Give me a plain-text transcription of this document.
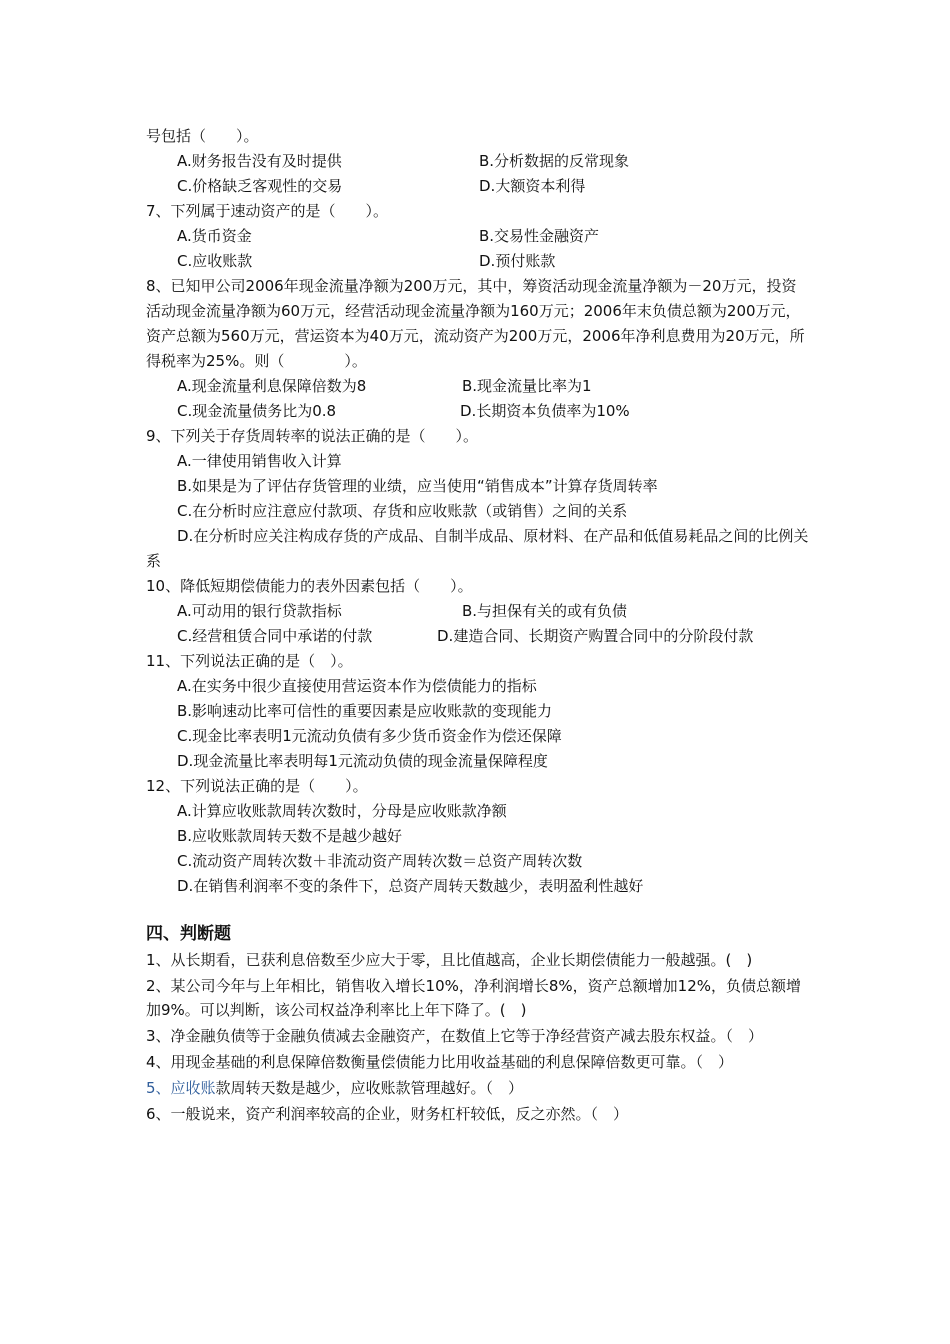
号包括（　　）。
A.财务报告没有及时提供	B.分析数据的反常现象
C.价格缺乏客观性的交易	D.大额资本利得
7、下列属于速动资产的是（　　）。
A.货币资金	B.交易性金融资产
C.应收账款	D.预付账款
8、已知甲公司2006年现金流量净额为200万元，其中，筹资活动现金流量净额为－20万元，投资活动现金流量净额为60万元，经营活动现金流量净额为160万元；2006年末负债总额为200万元，资产总额为560万元，营运资本为40万元，流动资产为200万元，2006年净利息费用为20万元，所得税率为25%。则（　　　　）。
A.现金流量利息保障倍数为8	B.现金流量比率为1
C.现金流量债务比为0.8	D.长期资本负债率为10%
9、下列关于存货周转率的说法正确的是（　　）。
A.一律使用销售收入计算
B.如果是为了评估存货管理的业绩，应当使用“销售成本”计算存货周转率
C.在分析时应注意应付款项、存货和应收账款（或销售）之间的关系
D.在分析时应关注构成存货的产成品、自制半成品、原材料、在产品和低值易耗品之间的比例关系
10、降低短期偿债能力的表外因素包括（　　）。
A.可动用的银行贷款指标	B.与担保有关的或有负债
C.经营租赁合同中承诺的付款	D.建造合同、长期资产购置合同中的分阶段付款
11、下列说法正确的是（　）。
A.在实务中很少直接使用营运资本作为偿债能力的指标
B.影响速动比率可信性的重要因素是应收账款的变现能力
C.现金比率表明1元流动负债有多少货币资金作为偿还保障
D.现金流量比率表明每1元流动负债的现金流量保障程度
12、下列说法正确的是（　　）。
A.计算应收账款周转次数时，分母是应收账款净额
B.应收账款周转天数不是越少越好
C.流动资产周转次数＋非流动资产周转次数＝总资产周转次数
D.在销售利润率不变的条件下，总资产周转天数越少，表明盈利性越好
四、判断题
1、从长期看，已获利息倍数至少应大于零，且比值越高，企业长期偿债能力一般越强。(　)
2、某公司今年与上年相比，销售收入增长10%，净利润增长8%，资产总额增加12%，负债总额增加9%。可以判断，该公司权益净利率比上年下降了。(　)
3、净金融负债等于金融负债减去金融资产，在数值上它等于净经营资产减去股东权益。（　）
4、用现金基础的利息保障倍数衡量偿债能力比用收益基础的利息保障倍数更可靠。（　）
5、应收账款周转天数是越少，应收账款管理越好。（　）
6、一般说来，资产利润率较高的企业，财务杠杆较低，反之亦然。（　）
